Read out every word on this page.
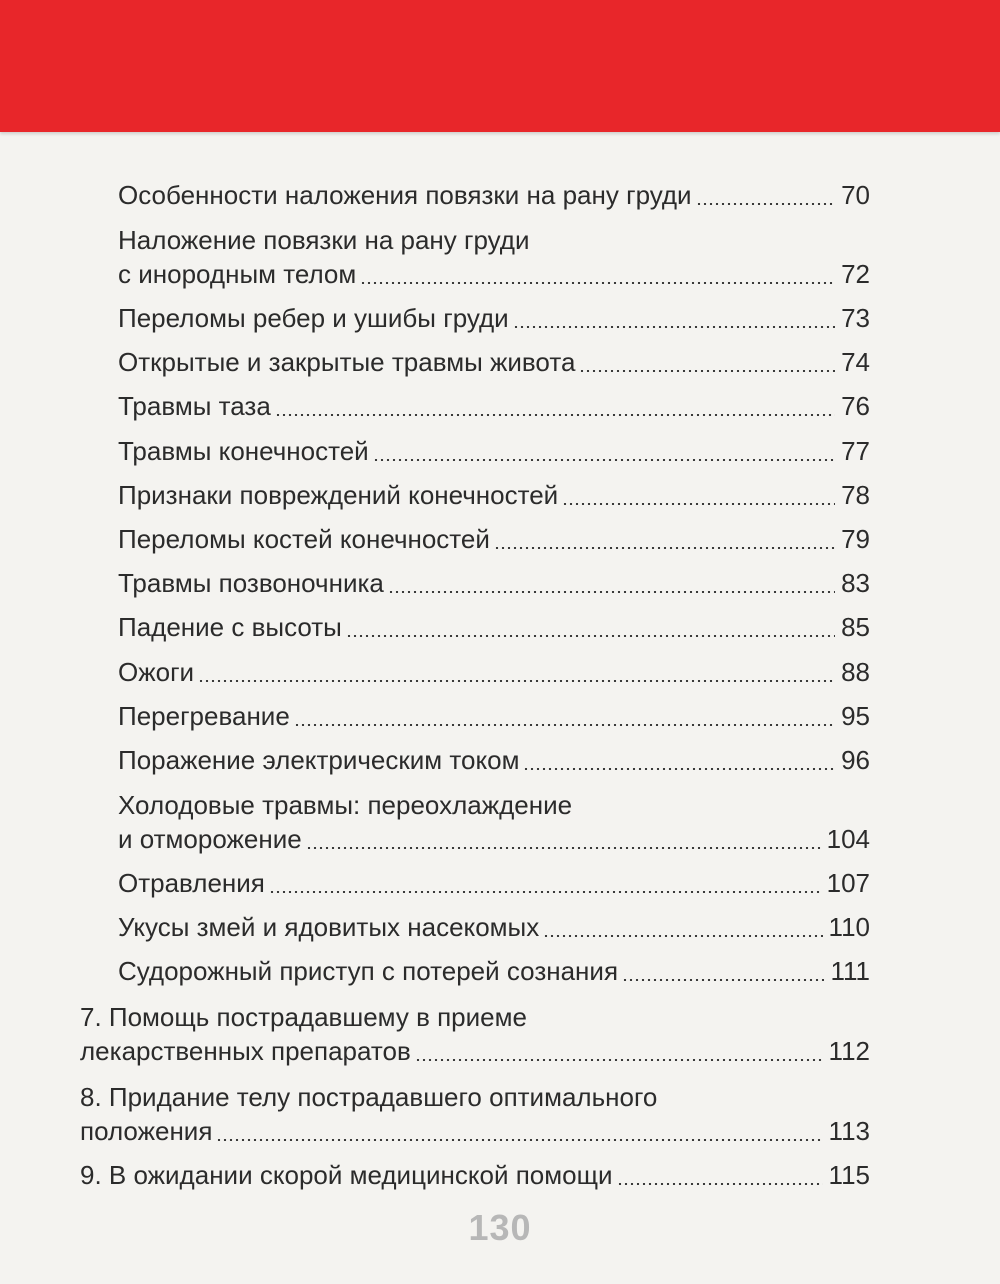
Особенности наложения повязки на рану груди	70
Наложение повязки на рану груди
с инородным телом	72
Переломы ребер и ушибы груди	73
Открытые и закрытые травмы живота	74
Травмы таза	76
Травмы конечностей	77
Признаки повреждений конечностей	78
Переломы костей конечностей	79
Травмы позвоночника	83
Падение с высоты	85
Ожоги	88
Перегревание	95
Поражение электрическим током	96
Холодовые травмы: переохлаждение
и отморожение	104
Отравления	107
Укусы змей и ядовитых насекомых	110
Судорожный приступ с потерей сознания	111
7. Помощь пострадавшему в приеме
лекарственных препаратов	112
8. Придание телу пострадавшего оптимального
положения	113
9. В ожидании скорой медицинской помощи	115
130
